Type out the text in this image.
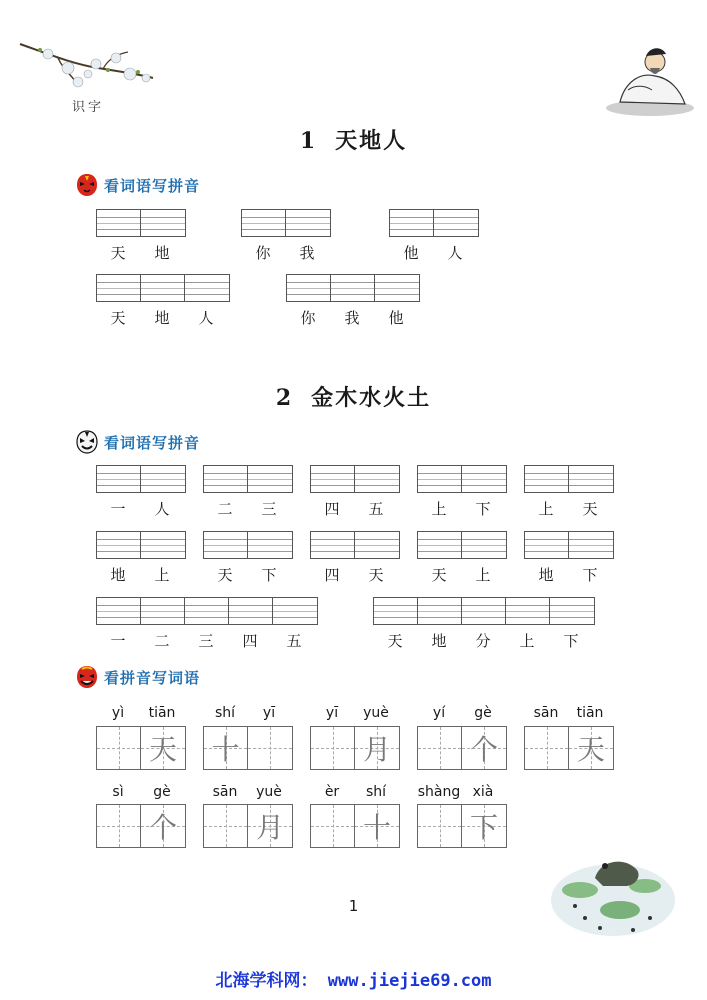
识字
1 天地人
看词语写拼音
天	地	你	我	他	人
天	地	人	你	我	他
2 金木水火土
看词语写拼音
一	人	二	三	四	五	上	下	上	天
地	上	天	下	四	天	天	上	地	下
一	二	三	四	五	天	地	分	上	下
看拼音写词语
yì	tiān	shí	yī	yī	yuè	yí	gè	sān	tiān
天 十	月	个	天
sì	gè	sān	yuè	èr	shí	shàng xià
个	月	十	下
1
北海学科网： www.jiejie69.com
